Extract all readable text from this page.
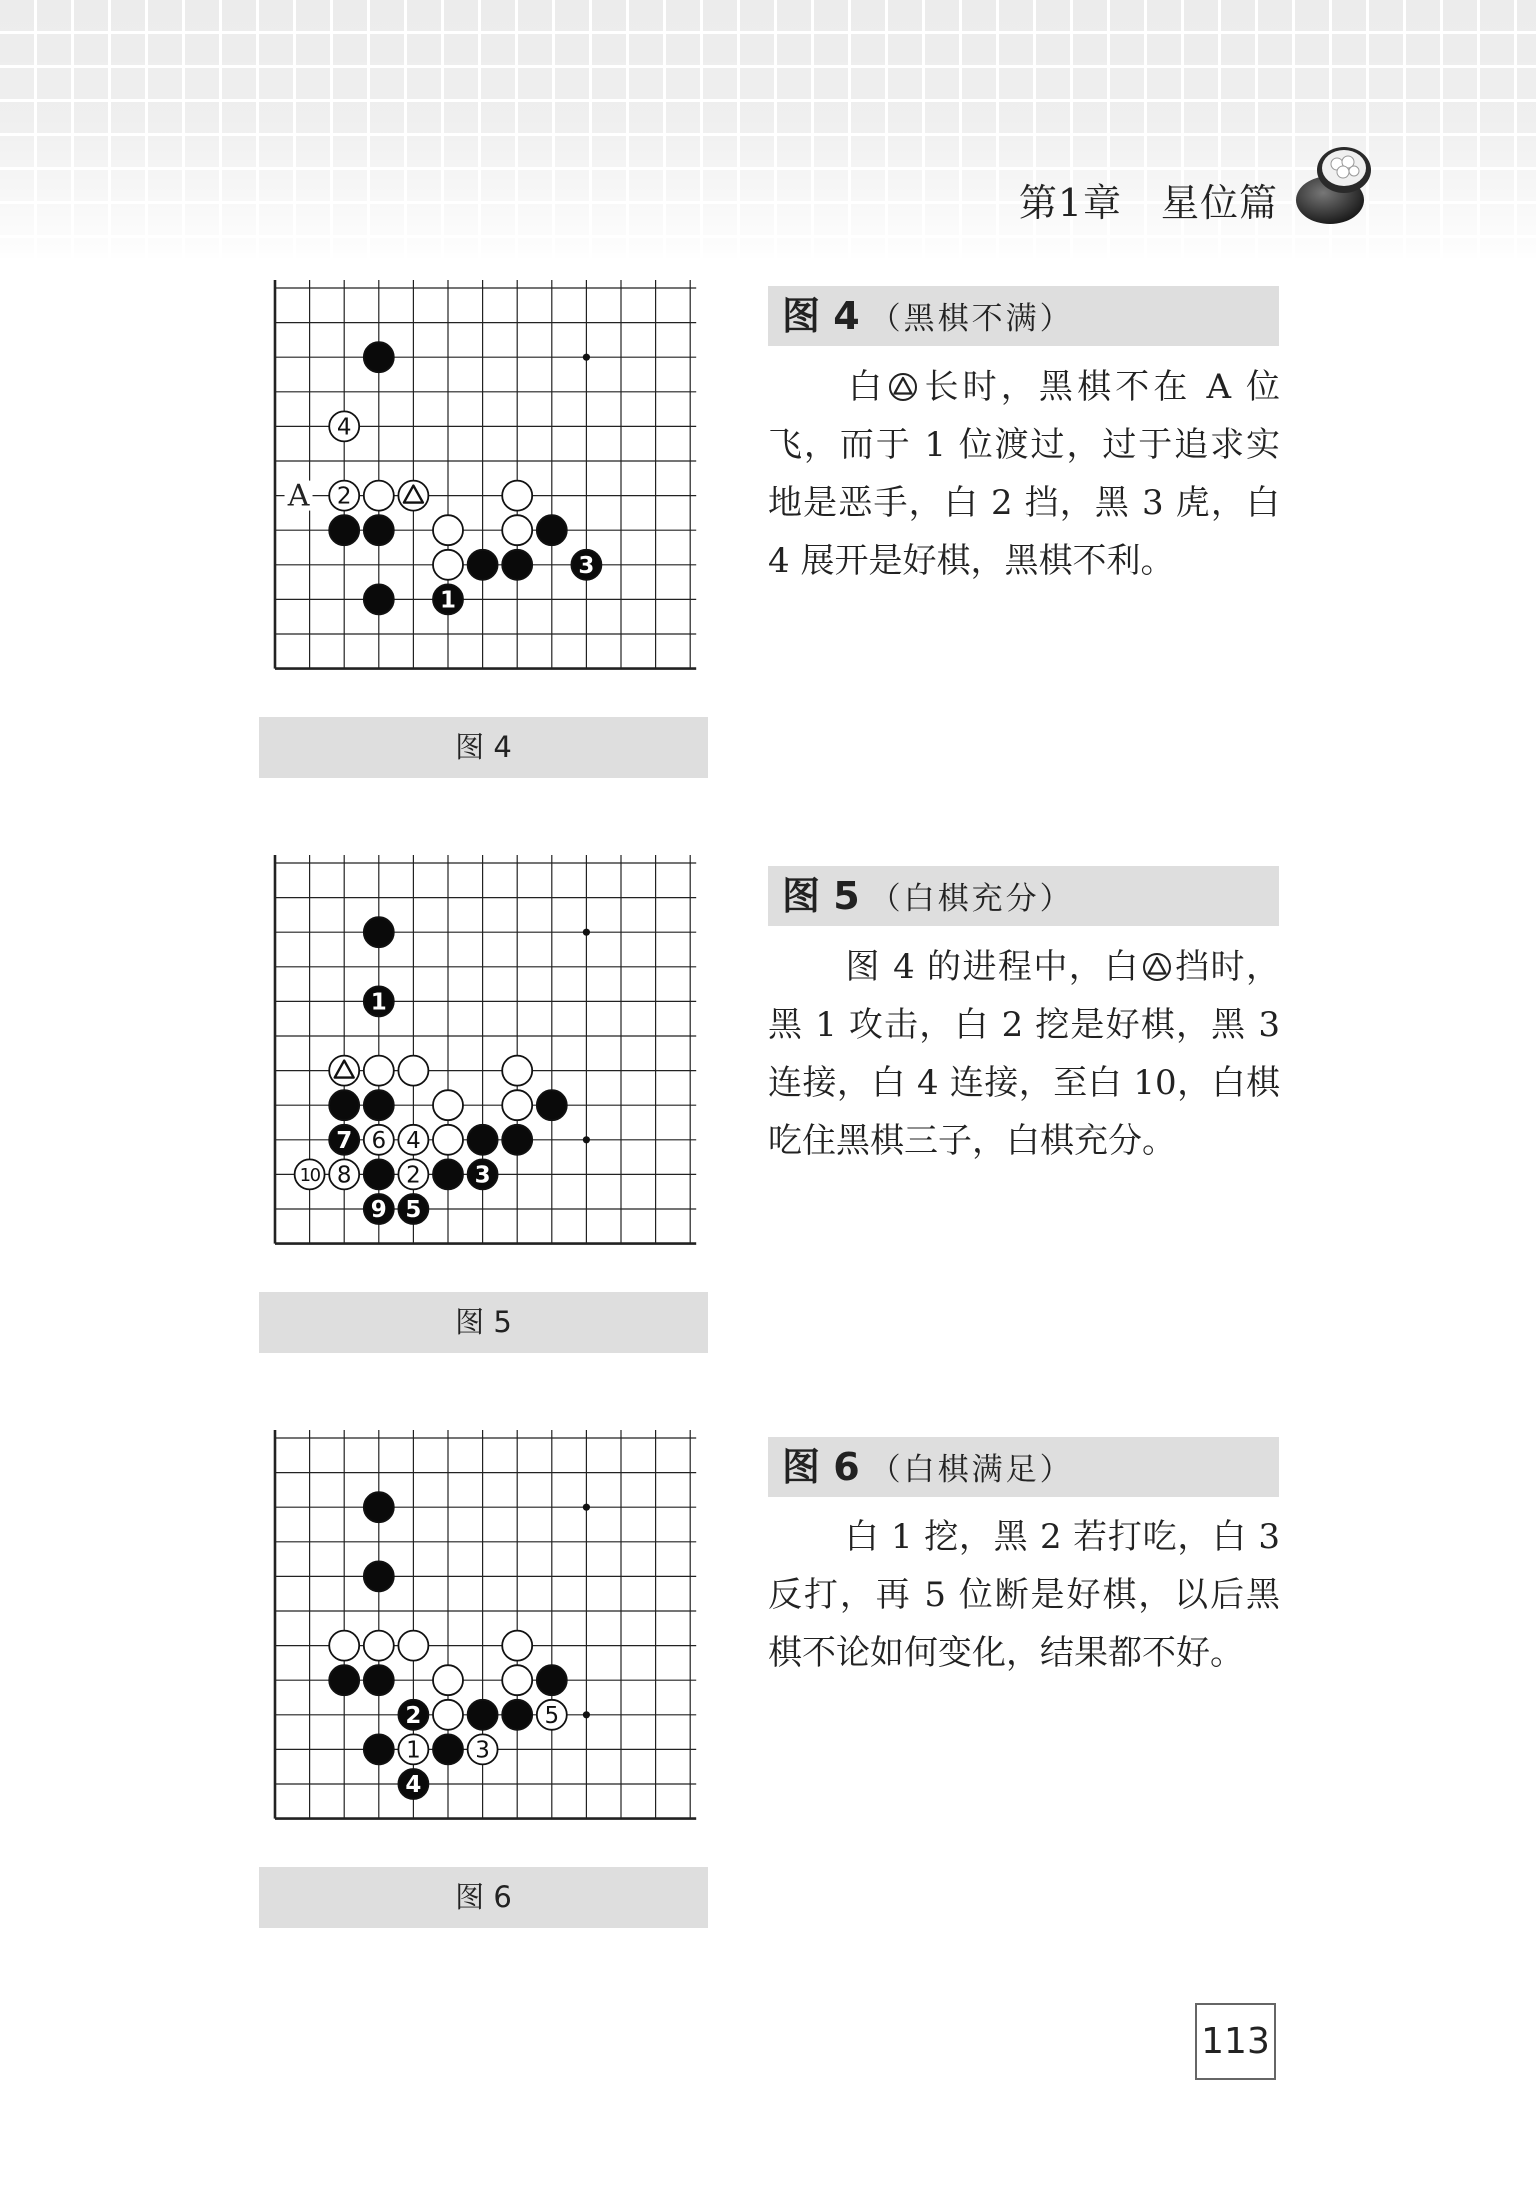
第1章　星位篇
A
4
2
3
1
图 4
图 4 （黑棋不满）
白 长时，黑棋不在 A 位飞，而于 1 位渡过，过于追求实地是恶手，白 2 挡，黑 3 虎，白 4 展开是好棋，黑棋不利。
1
7 6 4
10 8 2 3
9 5
图 5
图 5 （白棋充分）
图 4 的进程中，白 挡时，黑 1 攻击，白 2 挖是好棋，黑 3 连接，白 4 连接，至白 10，白棋吃住黑棋三子，白棋充分。
2	5
1 3
4
图 6
图 6 （白棋满足）
白 1 挖，黑 2 若打吃，白 3 反打，再 5 位断是好棋，以后黑棋不论如何变化，结果都不好。
113
